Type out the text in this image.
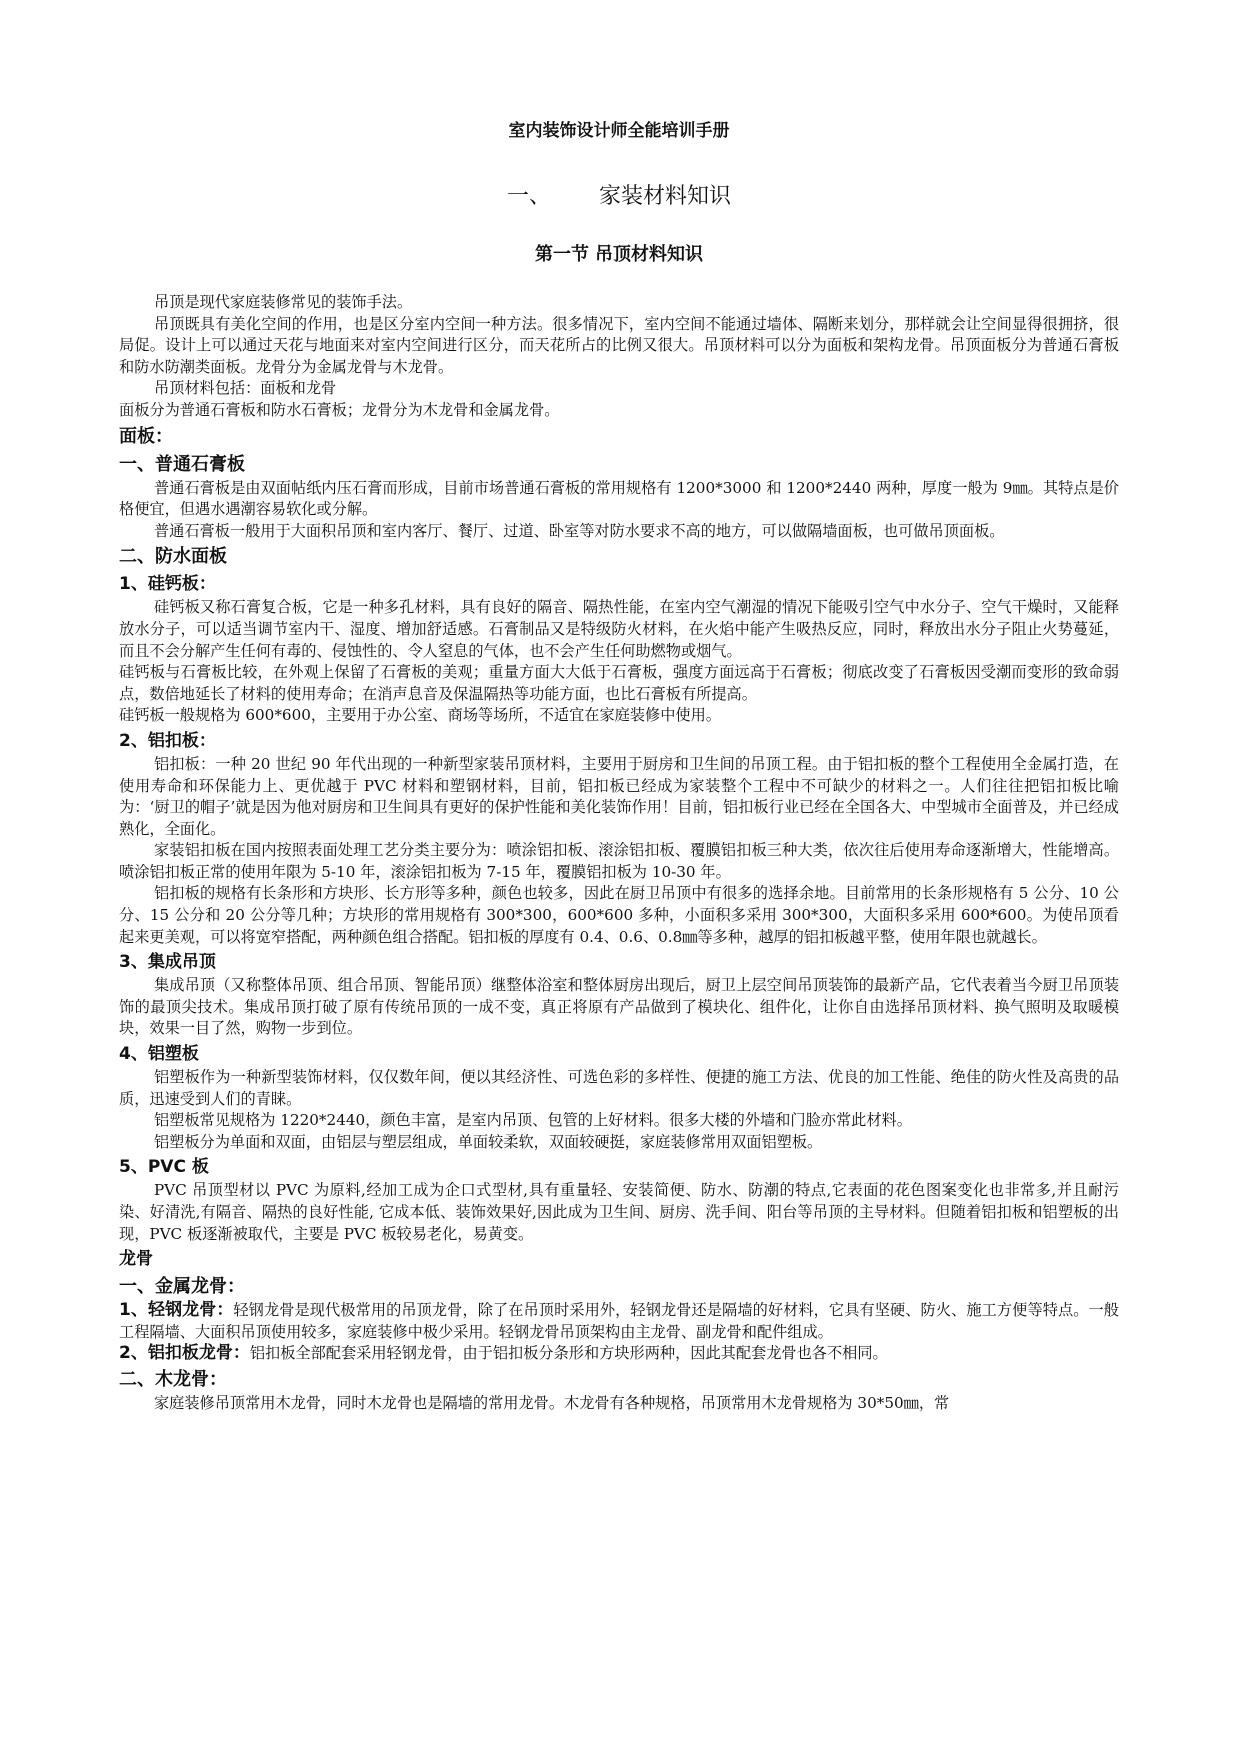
室内装饰设计师全能培训手册
一、 家装材料知识
第一节 吊顶材料知识

吊顶是现代家庭装修常见的装饰手法。

吊顶既具有美化空间的作用，也是区分室内空间一种方法。很多情况下，室内空间不能通过墙体、隔断来划分，那样就会让空间显得很拥挤，很局促。设计上可以通过天花与地面来对室内空间进行区分，而天花所占的比例又很大。吊顶材料可以分为面板和架构龙骨。吊顶面板分为普通石膏板和防水防潮类面板。龙骨分为金属龙骨与木龙骨。

吊顶材料包括：面板和龙骨

面板分为普通石膏板和防水石膏板；龙骨分为木龙骨和金属龙骨。

面板：
一、普通石膏板

普通石膏板是由双面帖纸内压石膏而形成，目前市场普通石膏板的常用规格有 1200*3000 和 1200*2440 两种，厚度一般为 9㎜。其特点是价格便宜，但遇水遇潮容易软化或分解。

普通石膏板一般用于大面积吊顶和室内客厅、餐厅、过道、卧室等对防水要求不高的地方，可以做隔墙面板，也可做吊顶面板。

二、防水面板
1、硅钙板：

硅钙板又称石膏复合板，它是一种多孔材料，具有良好的隔音、隔热性能，在室内空气潮湿的情况下能吸引空气中水分子、空气干燥时，又能释放水分子，可以适当调节室内干、湿度、增加舒适感。石膏制品又是特级防火材料，在火焰中能产生吸热反应，同时，释放出水分子阻止火势蔓延，而且不会分解产生任何有毒的、侵蚀性的、令人窒息的气体，也不会产生任何助燃物或烟气。

硅钙板与石膏板比较，在外观上保留了石膏板的美观；重量方面大大低于石膏板，强度方面远高于石膏板；彻底改变了石膏板因受潮而变形的致命弱点，数倍地延长了材料的使用寿命；在消声息音及保温隔热等功能方面，也比石膏板有所提高。

硅钙板一般规格为 600*600，主要用于办公室、商场等场所，不适宜在家庭装修中使用。

2、铝扣板：

铝扣板：一种 20 世纪 90 年代出现的一种新型家装吊顶材料，主要用于厨房和卫生间的吊顶工程。由于铝扣板的整个工程使用全金属打造，在使用寿命和环保能力上、更优越于 PVC 材料和塑钢材料，目前，铝扣板已经成为家装整个工程中不可缺少的材料之一。人们往往把铝扣板比喻为：‘厨卫的帽子’就是因为他对厨房和卫生间具有更好的保护性能和美化装饰作用！目前，铝扣板行业已经在全国各大、中型城市全面普及，并已经成熟化，全面化。

家装铝扣板在国内按照表面处理工艺分类主要分为：喷涂铝扣板、滚涂铝扣板、覆膜铝扣板三种大类，依次往后使用寿命逐渐增大，性能增高。喷涂铝扣板正常的使用年限为 5-10 年，滚涂铝扣板为 7-15 年，覆膜铝扣板为 10-30 年。

铝扣板的规格有长条形和方块形、长方形等多种，颜色也较多，因此在厨卫吊顶中有很多的选择余地。目前常用的长条形规格有 5 公分、10 公分、15 公分和 20 公分等几种；方块形的常用规格有 300*300，600*600 多种，小面积多采用 300*300，大面积多采用 600*600。为使吊顶看起来更美观，可以将宽窄搭配，两种颜色组合搭配。铝扣板的厚度有 0.4、0.6、0.8㎜等多种，越厚的铝扣板越平整，使用年限也就越长。

3、集成吊顶

集成吊顶（又称整体吊顶、组合吊顶、智能吊顶）继整体浴室和整体厨房出现后，厨卫上层空间吊顶装饰的最新产品，它代表着当今厨卫吊顶装饰的最顶尖技术。集成吊顶打破了原有传统吊顶的一成不变，真正将原有产品做到了模块化、组件化，让你自由选择吊顶材料、换气照明及取暖模块，效果一目了然，购物一步到位。

4、铝塑板

铝塑板作为一种新型装饰材料，仅仅数年间，便以其经济性、可选色彩的多样性、便捷的施工方法、优良的加工性能、绝佳的防火性及高贵的品质，迅速受到人们的青睐。

铝塑板常见规格为 1220*2440，颜色丰富，是室内吊顶、包管的上好材料。很多大楼的外墙和门脸亦常此材料。

铝塑板分为单面和双面，由铝层与塑层组成，单面较柔软，双面较硬挺，家庭装修常用双面铝塑板。

5、PVC 板

PVC 吊顶型材以 PVC 为原料,经加工成为企口式型材,具有重量轻、安装简便、防水、防潮的特点,它表面的花色图案变化也非常多,并且耐污染、好清洗,有隔音、隔热的良好性能, 它成本低、装饰效果好,因此成为卫生间、厨房、洗手间、阳台等吊顶的主导材料。但随着铝扣板和铝塑板的出现，PVC 板逐渐被取代，主要是 PVC 板较易老化，易黄变。

龙骨
一、金属龙骨：

1、轻钢龙骨：轻钢龙骨是现代极常用的吊顶龙骨，除了在吊顶时采用外，轻钢龙骨还是隔墙的好材料，它具有坚硬、防火、施工方便等特点。一般工程隔墙、大面积吊顶使用较多，家庭装修中极少采用。轻钢龙骨吊顶架构由主龙骨、副龙骨和配件组成。

2、铝扣板龙骨：铝扣板全部配套采用轻钢龙骨，由于铝扣板分条形和方块形两种，因此其配套龙骨也各不相同。

二、木龙骨：

家庭装修吊顶常用木龙骨，同时木龙骨也是隔墙的常用龙骨。木龙骨有各种规格，吊顶常用木龙骨规格为 30*50㎜，常
